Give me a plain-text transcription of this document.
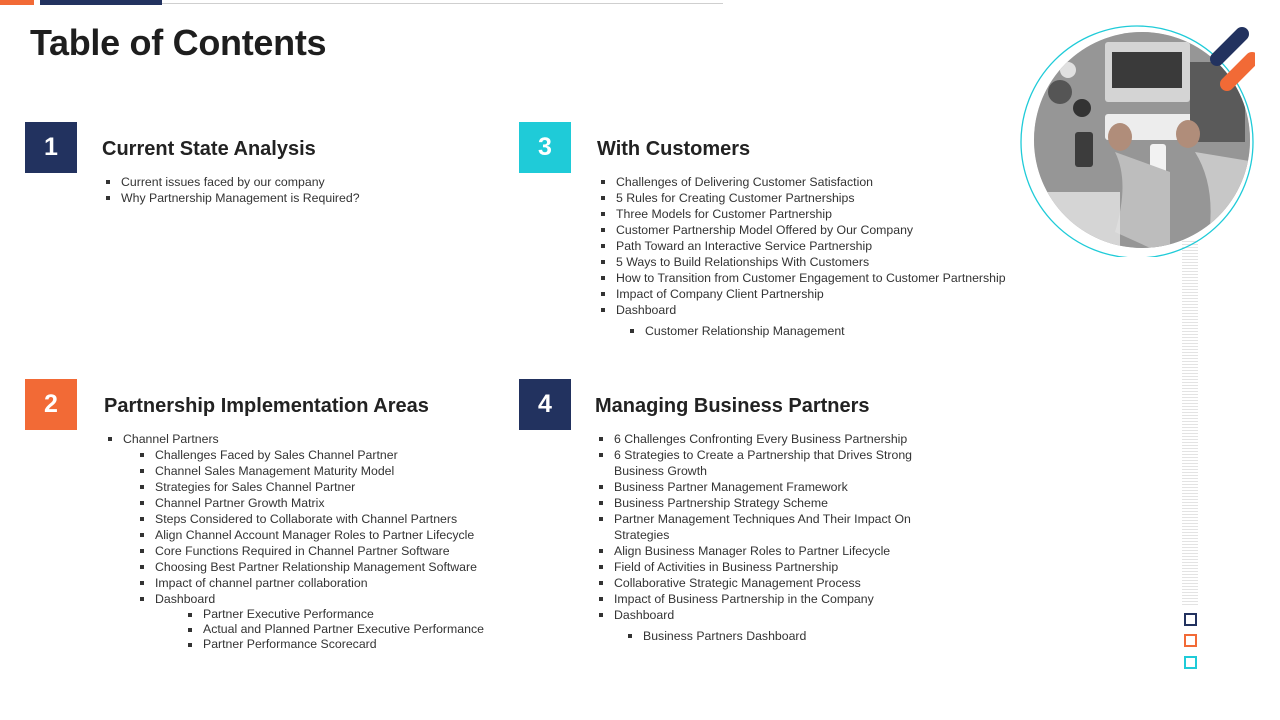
Table of Contents
1	Current State Analysis
Current issues faced by our company
Why Partnership Management is Required?
3	With Customers
Challenges of Delivering Customer Satisfaction
5 Rules for Creating Customer Partnerships
Three Models for Customer Partnership
Customer Partnership Model Offered by Our Company
Path Toward an Interactive Service Partnership
5 Ways to Build Relationships With Customers
How to Transition from Customer Engagement to Customer Partnership
Impact of Company Client Partnership
Dashboard
Customer Relationship Management
2	Partnership Implementation Areas
Channel Partners
Challenges Faced by Sales Channel Partner
Channel Sales Management Maturity Model
Strategies for Sales Channel Partner
Channel Partner Growth Matrix
Steps Considered to Collaborate with Channel Partners
Align Channel Account Manager Roles to Partner Lifecycle
Core Functions Required in Channel Partner Software
Choosing Best Partner Relationship Management Software
Impact of channel partner collaboration
Dashboard
Partner Executive Performance
Actual and Planned Partner Executive Performance
Partner Performance Scorecard
4	Managing Business Partners
6 Challenges Confronting Every Business Partnership
6 Strategies to Create a Partnership that Drives Strong Business Growth
Business Partner Management Framework
Business Partnership Strategy Scheme
Partner Management Techniques And Their Impact On Strategies
Align Business Manager Roles to Partner Lifecycle
Field of Activities in Business Partnership
Collaborative Strategic Management Process
Impact of Business Partnership in the Company
Dashboard
Business Partners Dashboard
